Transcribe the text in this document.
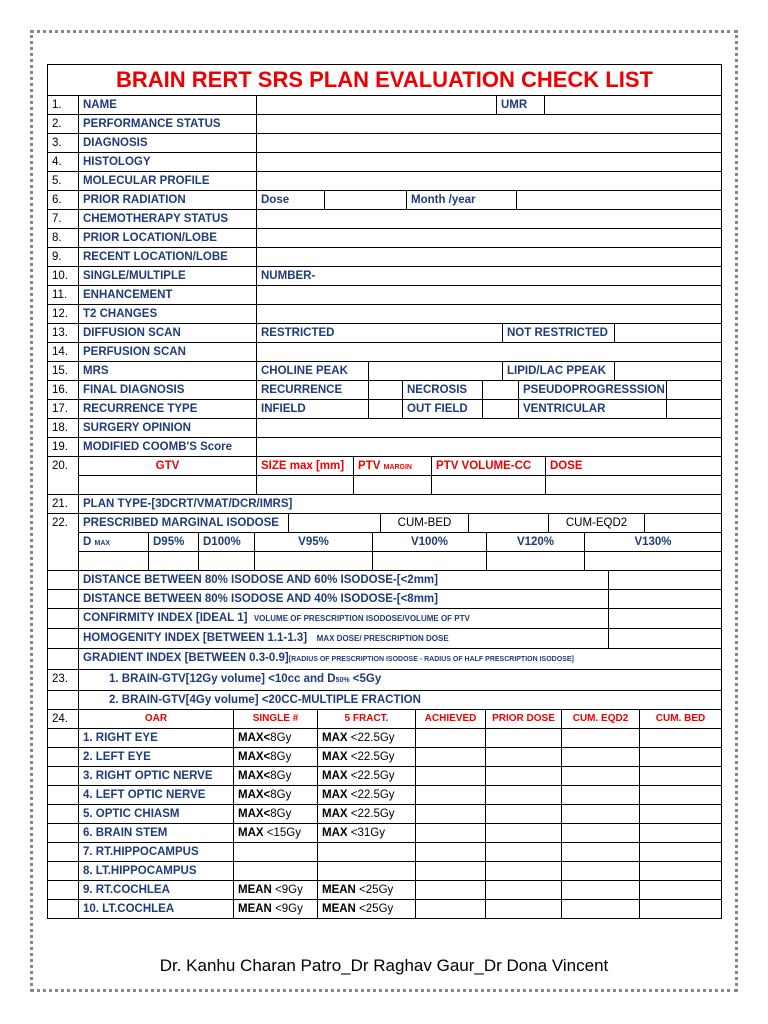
BRAIN RERT SRS PLAN EVALUATION CHECK LIST
1.	NAME	UMR
2.	PERFORMANCE STATUS
3.	DIAGNOSIS
4.	HISTOLOGY
5.	MOLECULAR PROFILE
6.	PRIOR RADIATION	Dose	Month /year
7.	CHEMOTHERAPY STATUS
8.	PRIOR LOCATION/LOBE
9.	RECENT LOCATION/LOBE
10.	SINGLE/MULTIPLE	NUMBER-
11.	ENHANCEMENT
12.	T2 CHANGES
13.	DIFFUSION SCAN	RESTRICTED	NOT RESTRICTED
14.	PERFUSION SCAN
15.	MRS	CHOLINE PEAK	LIPID/LAC PPEAK
16.	FINAL DIAGNOSIS	RECURRENCE	NECROSIS	PSEUDOPROGRESSSION
17.	RECURRENCE TYPE	INFIELD	OUT FIELD	VENTRICULAR
18.	SURGERY OPINION
19.	MODIFIED COOMB'S Score
20.	GTV	SIZE max [mm]	PTV MARGIN	PTV VOLUME-CC	DOSE
21.	PLAN TYPE-[3DCRT/VMAT/DCR/IMRS]
22.	PRESCRIBED MARGINAL ISODOSE	CUM-BED	CUM-EQD2
D MAX	D95%	D100%	V95%	V100%	V120%	V130%
DISTANCE BETWEEN 80% ISODOSE AND 60% ISODOSE-[<2mm]
DISTANCE BETWEEN 80% ISODOSE AND 40% ISODOSE-[<8mm]
CONFIRMITY INDEX [IDEAL 1] VOLUME OF PRESCRIPTION ISODOSE/VOLUME OF PTV
HOMOGENITY INDEX [BETWEEN 1.1-1.3] MAX DOSE/ PRESCRIPTION DOSE
GRADIENT INDEX [BETWEEN 0.3-0.9][RADIUS OF PRESCRIPTION ISODOSE - RADIUS OF HALF PRESCRIPTION ISODOSE]
23.	1. BRAIN-GTV[12Gy volume] <10cc and D50% <5Gy
2. BRAIN-GTV[4Gy volume] <20CC-MULTIPLE FRACTION
24.	OAR	SINGLE #	5 FRACT.	ACHIEVED	PRIOR DOSE	CUM. EQD2	CUM. BED
1. RIGHT EYE	MAX<8Gy	MAX <22.5Gy
2. LEFT EYE	MAX<8Gy	MAX <22.5Gy
3. RIGHT OPTIC NERVE	MAX<8Gy	MAX <22.5Gy
4. LEFT OPTIC NERVE	MAX<8Gy	MAX <22.5Gy
5. OPTIC CHIASM	MAX<8Gy	MAX <22.5Gy
6. BRAIN STEM	MAX <15Gy	MAX <31Gy
7. RT.HIPPOCAMPUS
8. LT.HIPPOCAMPUS
9. RT.COCHLEA	MEAN <9Gy	MEAN <25Gy
10. LT.COCHLEA	MEAN <9Gy	MEAN <25Gy
Dr. Kanhu Charan Patro_Dr Raghav Gaur_Dr Dona Vincent
